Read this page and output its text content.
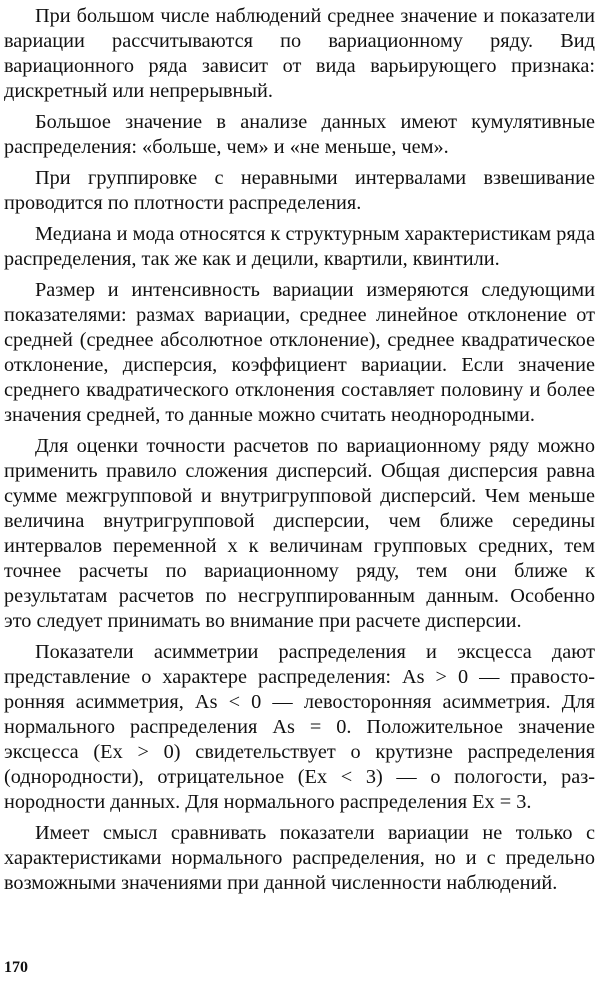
При большом числе наблюдений среднее значение и показатели вариации рассчитываются по вариационному ряду. Вид вариационного ряда зависит от вида варьирующего признака: дискретный или непрерывный.

Большое значение в анализе данных имеют кумулятивные распределения: «больше, чем» и «не меньше, чем».

При группировке с неравными интервалами взвешивание проводится по плотности распределения.

Медиана и мода относятся к структурным характеристикам ряда распределения, так же как и децили, квартили, квинтили.

Размер и интенсивность вариации измеряются следующими показателями: размах вариации, среднее линейное отклонение от средней (среднее абсолютное отклонение), среднее квадратическое отклонение, дисперсия, коэффициент вариации. Если значение среднего квадратического отклонения составляет половину и более значения средней, то данные можно считать неоднородными.

Для оценки точности расчетов по вариационному ряду можно применить правило сложения дисперсий. Общая дисперсия равна сумме межгрупповой и внутригрупповой дисперсий. Чем меньше величина внутригрупповой дисперсии, чем ближе середины интервалов переменной x к величинам групповых средних, тем точнее расчеты по вариационному ряду, тем они ближе к результатам расчетов по несгруппированным данным. Особенно это следует принимать во внимание при расчете дисперсии.

Показатели асимметрии распределения и эксцесса дают представление о характере распределения: As > 0 — правосторонняя асимметрия, As < 0 — левосторонняя асимметрия. Для нормального распределения As = 0. Положительное значение эксцесса (Ex > 0) свидетельствует о крутизне распределения (однородности), отрицательное (Ex < 3) — о пологости, разнородности данных. Для нормального распределения Ex = 3.

Имеет смысл сравнивать показатели вариации не только с характеристиками нормального распределения, но и с предельно возможными значениями при данной численности наблюдений.

170
